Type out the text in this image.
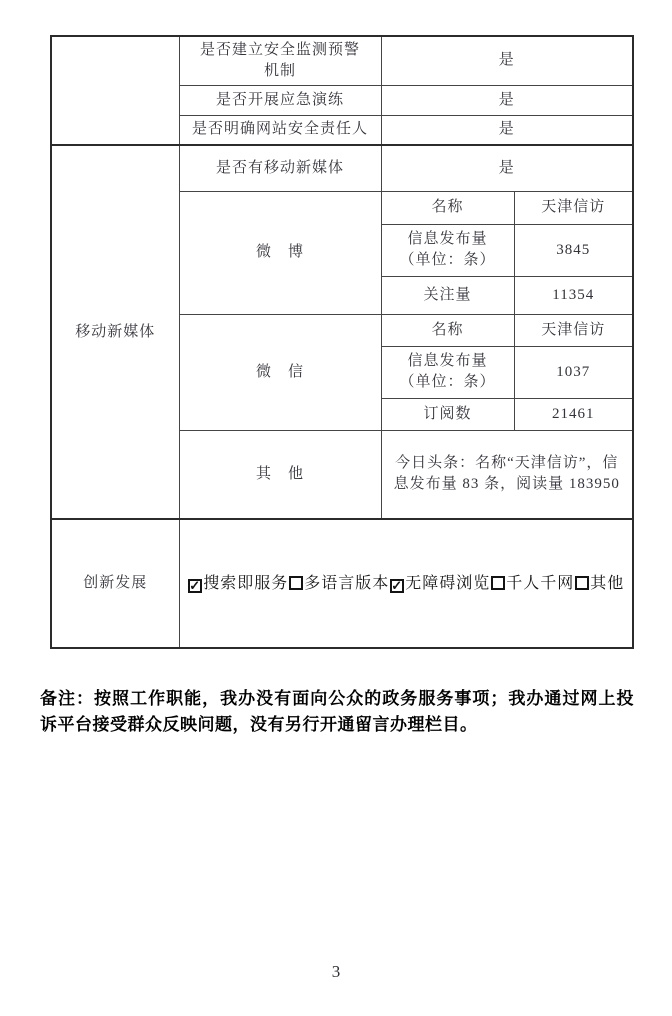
	是否建立安全监测预警
机制	是	
	是否开展应急演练	是	
	是否明确网站安全责任人	是	
移动新媒体	是否有移动新媒体	是	
	微　博	名称	天津信访

		信息发布量
（单位：条）	3845
		关注量	11354
	微　信	名称	天津信访

		信息发布量
（单位：条）	1037
		订阅数	21461
	其　他	今日头条：名称“天津信访”，信息发布量 83 条，阅读量 183950	
创新发展	✓ 搜索即服务 多语言版本 ✓ 无障碍浏览 千人千网 其他		
备注：按照工作职能，我办没有面向公众的政务服务事项；我办通过网上投诉平台接受群众反映问题，没有另行开通留言办理栏目。
3
